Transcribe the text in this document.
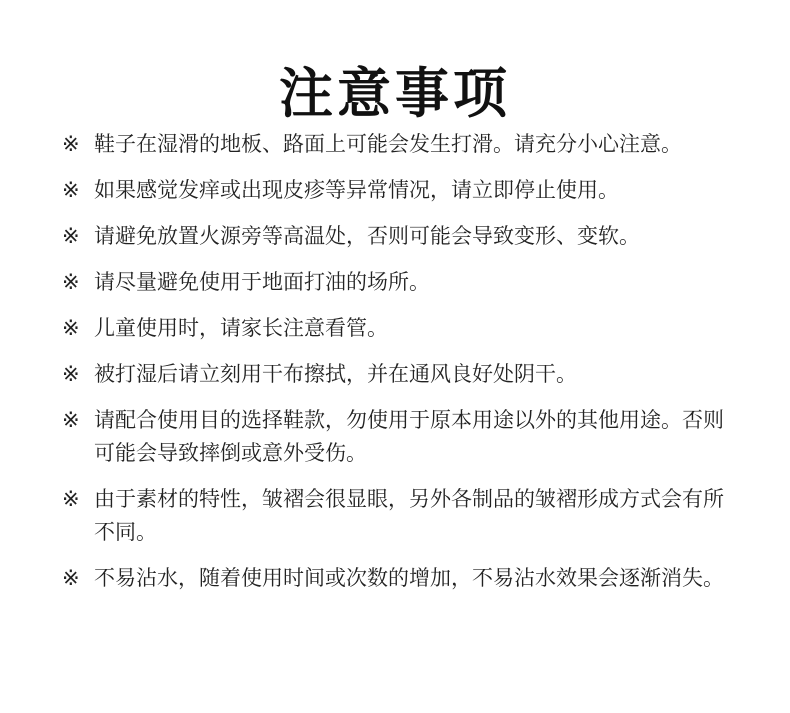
注意事项
※ 鞋子在湿滑的地板、路面上可能会发生打滑。请充分小心注意。
※ 如果感觉发痒或出现皮疹等异常情况，请立即停止使用。
※ 请避免放置火源旁等高温处，否则可能会导致变形、变软。
※ 请尽量避免使用于地面打油的场所。
※ 儿童使用时，请家长注意看管。
※ 被打湿后请立刻用干布擦拭，并在通风良好处阴干。
※ 请配合使用目的选择鞋款，勿使用于原本用途以外的其他用途。否则可能会导致摔倒或意外受伤。
※ 由于素材的特性，皱褶会很显眼，另外各制品的皱褶形成方式会有所不同。
※ 不易沾水，随着使用时间或次数的增加，不易沾水效果会逐渐消失。
